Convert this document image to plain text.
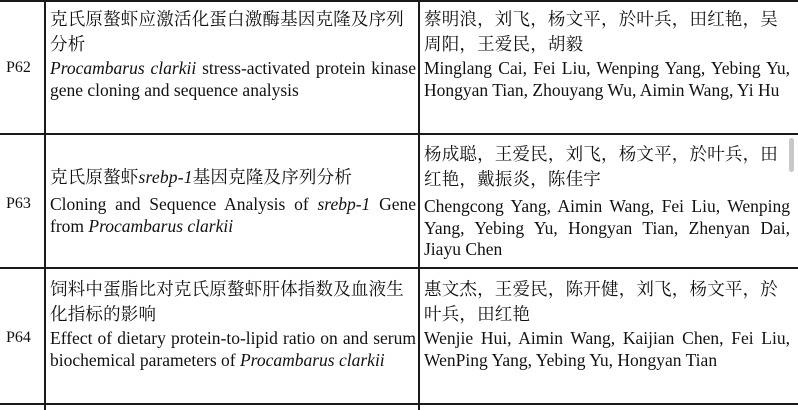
P62
克氏原螯虾应激活化蛋白激酶基因克隆及序列分析
Procambarus clarkii stress-activated protein kinase gene cloning and sequence analysis
蔡明浪，刘飞，杨文平，於叶兵，田红艳，吴周阳，王爱民，胡毅
Minglang Cai, Fei Liu, Wenping Yang, Yebing Yu, Hongyan Tian, Zhouyang Wu, Aimin Wang, Yi Hu
P63
克氏原螯虾srebp-1基因克隆及序列分析
Cloning and Sequence Analysis of srebp-1 Gene from Procambarus clarkii
杨成聪，王爱民，刘飞，杨文平，於叶兵，田红艳，戴振炎，陈佳宇
Chengcong Yang, Aimin Wang, Fei Liu, Wenping Yang, Yebing Yu, Hongyan Tian, Zhenyan Dai, Jiayu Chen
P64
饲料中蛋脂比对克氏原螯虾肝体指数及血液生化指标的影响
Effect of dietary protein-to-lipid ratio on and serum biochemical parameters of Procambarus clarkii
惠文杰，王爱民，陈开健，刘飞，杨文平，於叶兵，田红艳
Wenjie Hui, Aimin Wang, Kaijian Chen, Fei Liu, WenPing Yang, Yebing Yu, Hongyan Tian
